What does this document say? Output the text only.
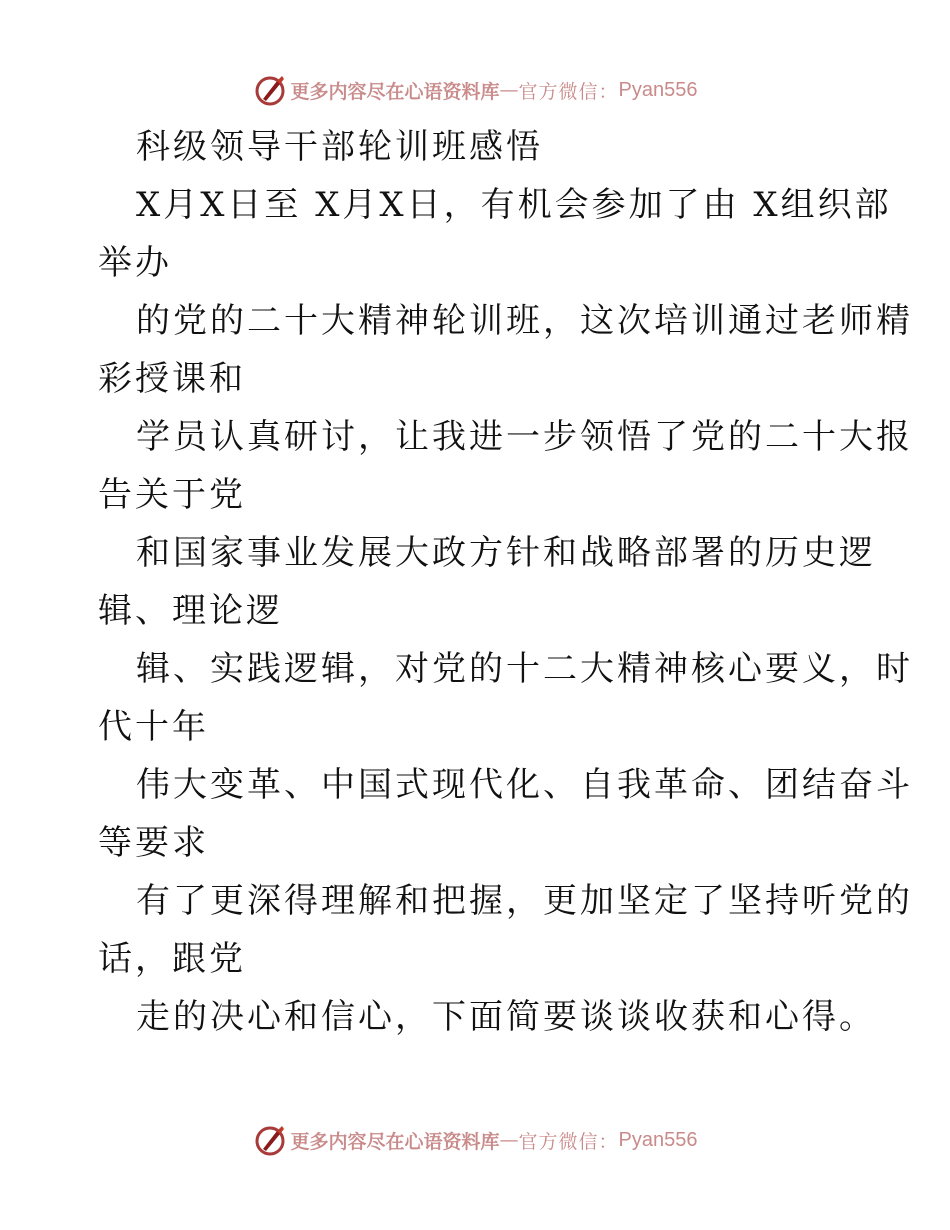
更多内容尽在心语资料库 — 官方微信： Pyan556
科级领导干部轮训班感悟
X月X日至 X月X日，有机会参加了由 X组织部
举办
的党的二十大精神轮训班，这次培训通过老师精
彩授课和
学员认真研讨，让我进一步领悟了党的二十大报
告关于党
和国家事业发展大政方针和战略部署的历史逻
辑、理论逻
辑、实践逻辑，对党的十二大精神核心要义，时
代十年
伟大变革、中国式现代化、自我革命、团结奋斗
等要求
有了更深得理解和把握，更加坚定了坚持听党的
话，跟党
走的决心和信心，下面简要谈谈收获和心得。
更多内容尽在心语资料库 — 官方微信： Pyan556
